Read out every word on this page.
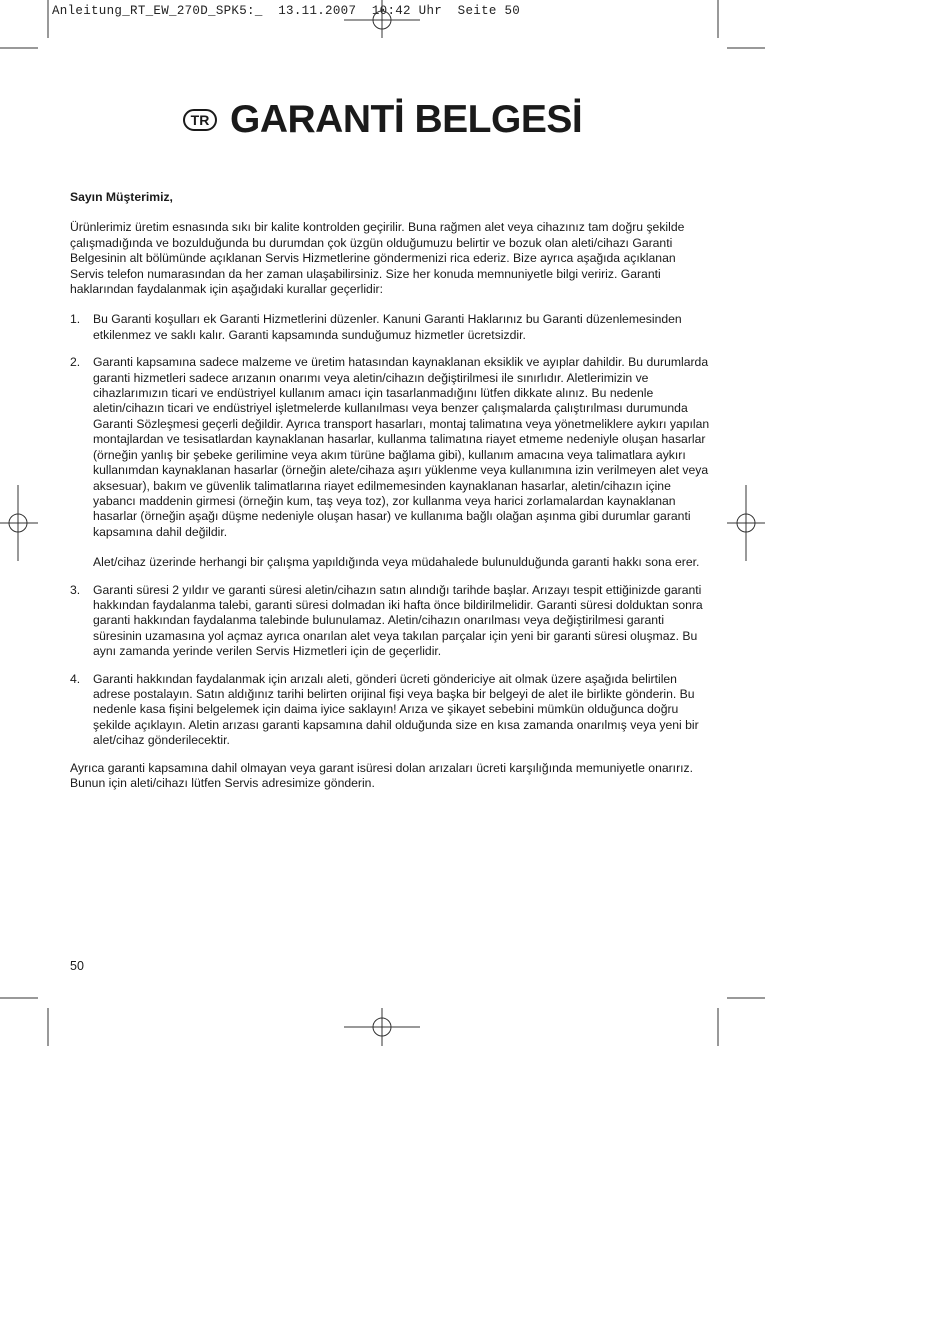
Anleitung_RT_EW_270D_SPK5:_  13.11.2007  10:42 Uhr  Seite 50
TR GARANTİ BELGESİ

Sayın Müşterimiz,

Ürünlerimiz üretim esnasında sıkı bir kalite kontrolden geçirilir. Buna rağmen alet veya cihazınız tam doğru şekilde çalışmadığında ve bozulduğunda bu durumdan çok üzgün olduğumuzu belirtir ve bozuk olan aleti/cihazı Garanti Belgesinin alt bölümünde açıklanan Servis Hizmetlerine göndermenizi rica ederiz. Bize ayrıca aşağıda açıklanan Servis telefon numarasından da her zaman ulaşabilirsiniz. Size her konuda memnuniyetle bilgi veririz. Garanti haklarından faydalanmak için aşağıdaki kurallar geçerlidir:

1.	Bu Garanti koşulları ek Garanti Hizmetlerini düzenler. Kanuni Garanti Haklarınız bu Garanti düzenlemesinden etkilenmez ve saklı kalır. Garanti kapsamında sunduğumuz hizmetler ücretsizdir.

2.	Garanti kapsamına sadece malzeme ve üretim hatasından kaynaklanan eksiklik ve ayıplar dahildir. Bu durumlarda garanti hizmetleri sadece arızanın onarımı veya aletin/cihazın değiştirilmesi ile sınırlıdır. Aletlerimizin ve cihazlarımızın ticari ve endüstriyel kullanım amacı için tasarlanmadığını lütfen dikkate alınız. Bu nedenle aletin/cihazın ticari ve endüstriyel işletmelerde kullanılması veya benzer çalışmalarda çalıştırılması durumunda Garanti Sözleşmesi geçerli değildir. Ayrıca transport hasarları, montaj talimatına veya yönetmeliklere aykırı yapılan montajlardan ve tesisatlardan kaynaklanan hasarlar, kullanma talimatına riayet etmeme nedeniyle oluşan hasarlar (örneğin yanlış bir şebeke gerilimine veya akım türüne bağlama gibi), kullanım amacına veya talimatlara aykırı kullanımdan kaynaklanan hasarlar (örneğin alete/cihaza aşırı yüklenme veya kullanımına izin verilmeyen alet veya aksesuar), bakım ve güvenlik talimatlarına riayet edilmemesinden kaynaklanan hasarlar, aletin/cihazın içine yabancı maddenin girmesi (örneğin kum, taş veya toz), zor kullanma veya harici zorlamalardan kaynaklanan hasarlar (örneğin aşağı düşme nedeniyle oluşan hasar) ve kullanıma bağlı olağan aşınma gibi durumlar garanti kapsamına dahil değildir.

Alet/cihaz üzerinde herhangi bir çalışma yapıldığında veya müdahalede bulunulduğunda garanti hakkı sona erer.

3.	Garanti süresi 2 yıldır ve garanti süresi aletin/cihazın satın alındığı tarihde başlar. Arızayı tespit ettiğinizde garanti hakkından faydalanma talebi, garanti süresi dolmadan iki hafta önce bildirilmelidir. Garanti süresi dolduktan sonra garanti hakkından faydalanma talebinde bulunulamaz. Aletin/cihazın onarılması veya değiştirilmesi garanti süresinin uzamasına yol açmaz ayrıca onarılan alet veya takılan parçalar için yeni bir garanti süresi oluşmaz. Bu aynı zamanda yerinde verilen Servis Hizmetleri için de geçerlidir.

4.	Garanti hakkından faydalanmak için arızalı aleti, gönderi ücreti göndericiye ait olmak üzere aşağıda belirtilen adrese postalayın. Satın aldığınız tarihi belirten orijinal fişi veya başka bir belgeyi de alet ile birlikte gönderin. Bu nedenle kasa fişini belgelemek için daima iyice saklayın! Arıza ve şikayet sebebini mümkün olduğunca doğru şekilde açıklayın. Aletin arızası garanti kapsamına dahil olduğunda size en kısa zamanda onarılmış veya yeni bir alet/cihaz gönderilecektir.

Ayrıca garanti kapsamına dahil olmayan veya garant isüresi dolan arızaları ücreti karşılığında memuniyetle onarırız. Bunun için aleti/cihazı lütfen Servis adresimize gönderin.

50
